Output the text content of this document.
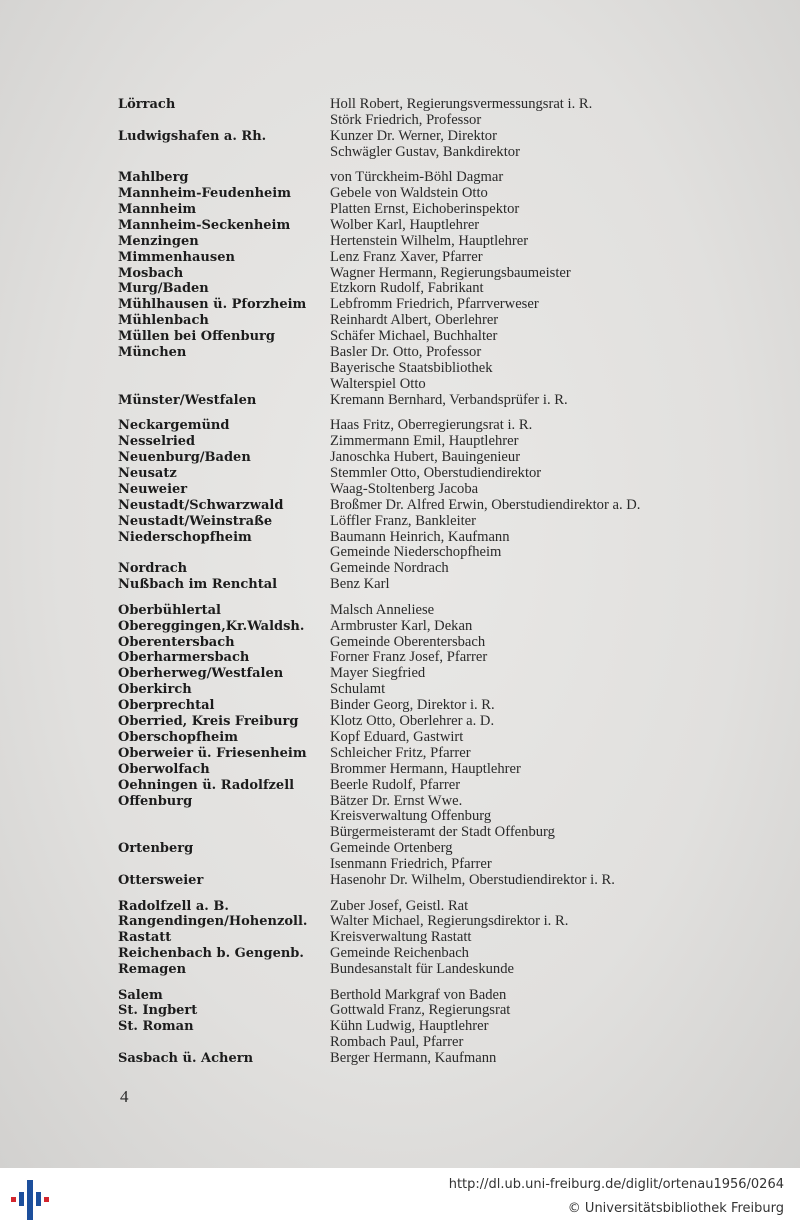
Lörrach	Holl Robert, Regierungsvermessungsrat i. R.
Störk Friedrich, Professor
Ludwigshafen a. Rh.	Kunzer Dr. Werner, Direktor
Schwägler Gustav, Bankdirektor
Mahlberg	von Türckheim-Böhl Dagmar
Mannheim-Feudenheim	Gebele von Waldstein Otto
Mannheim	Platten Ernst, Eichoberinspektor
Mannheim-Seckenheim	Wolber Karl, Hauptlehrer
Menzingen	Hertenstein Wilhelm, Hauptlehrer
Mimmenhausen	Lenz Franz Xaver, Pfarrer
Mosbach	Wagner Hermann, Regierungsbaumeister
Murg/Baden	Etzkorn Rudolf, Fabrikant
Mühlhausen ü. Pforzheim	Lebfromm Friedrich, Pfarrverweser
Mühlenbach	Reinhardt Albert, Oberlehrer
Müllen bei Offenburg	Schäfer Michael, Buchhalter
München	Basler Dr. Otto, Professor
Bayerische Staatsbibliothek
Walterspiel Otto
Münster/Westfalen	Kremann Bernhard, Verbandsprüfer i. R.
Neckargemünd	Haas Fritz, Oberregierungsrat i. R.
Nesselried	Zimmermann Emil, Hauptlehrer
Neuenburg/Baden	Janoschka Hubert, Bauingenieur
Neusatz	Stemmler Otto, Oberstudiendirektor
Neuweier	Waag-Stoltenberg Jacoba
Neustadt/Schwarzwald	Broßmer Dr. Alfred Erwin, Oberstudiendirektor a. D.
Neustadt/Weinstraße	Löffler Franz, Bankleiter
Niederschopfheim	Baumann Heinrich, Kaufmann
Gemeinde Niederschopfheim
Nordrach	Gemeinde Nordrach
Nußbach im Renchtal	Benz Karl
Oberbühlertal	Malsch Anneliese
Obereggingen,Kr.Waldsh.	Armbruster Karl, Dekan
Oberentersbach	Gemeinde Oberentersbach
Oberharmersbach	Forner Franz Josef, Pfarrer
Oberherweg/Westfalen	Mayer Siegfried
Oberkirch	Schulamt
Oberprechtal	Binder Georg, Direktor i. R.
Oberried, Kreis Freiburg	Klotz Otto, Oberlehrer a. D.
Oberschopfheim	Kopf Eduard, Gastwirt
Oberweier ü. Friesenheim	Schleicher Fritz, Pfarrer
Oberwolfach	Brommer Hermann, Hauptlehrer
Oehningen ü. Radolfzell	Beerle Rudolf, Pfarrer
Offenburg	Bätzer Dr. Ernst Wwe.
Kreisverwaltung Offenburg
Bürgermeisteramt der Stadt Offenburg
Ortenberg	Gemeinde Ortenberg
Isenmann Friedrich, Pfarrer
Ottersweier	Hasenohr Dr. Wilhelm, Oberstudiendirektor i. R.
Radolfzell a. B.	Zuber Josef, Geistl. Rat
Rangendingen/Hohenzoll.	Walter Michael, Regierungsdirektor i. R.
Rastatt	Kreisverwaltung Rastatt
Reichenbach b. Gengenb.	Gemeinde Reichenbach
Remagen	Bundesanstalt für Landeskunde
Salem	Berthold Markgraf von Baden
St. Ingbert	Gottwald Franz, Regierungsrat
St. Roman	Kühn Ludwig, Hauptlehrer
Rombach Paul, Pfarrer
Sasbach ü. Achern	Berger Hermann, Kaufmann
4
http://dl.ub.uni-freiburg.de/diglit/ortenau1956/0264
© Universitätsbibliothek Freiburg
